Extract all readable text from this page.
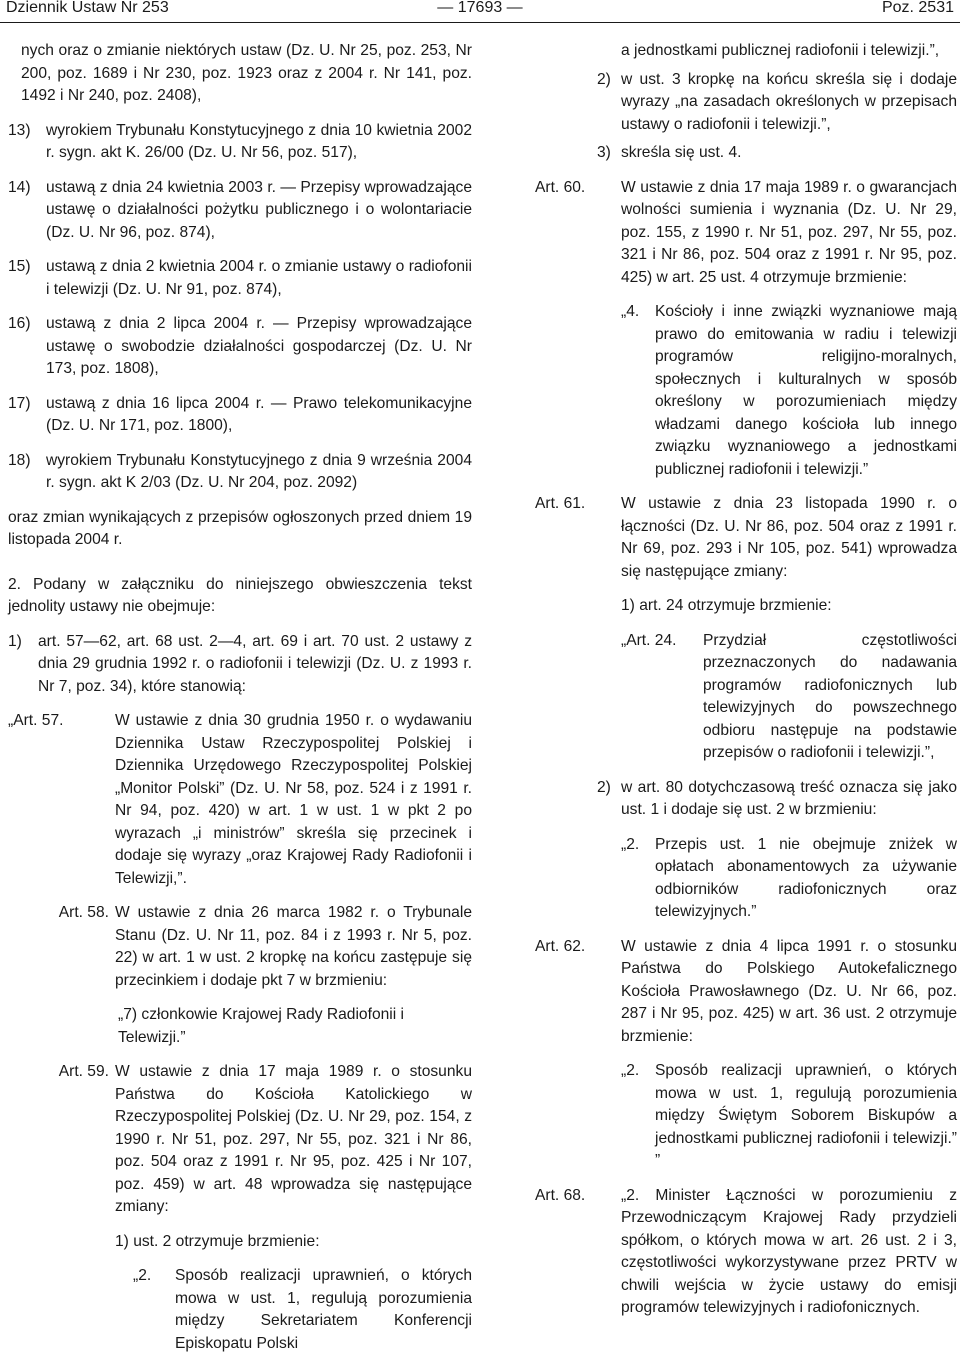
Dziennik Ustaw Nr 253	— 17693 —	Poz. 2531

nych oraz o zmianie niektórych ustaw (Dz. U. Nr 25, poz. 253, Nr 200, poz. 1689 i Nr 230, poz. 1923 oraz z 2004 r. Nr 141, poz. 1492 i Nr 240, poz. 2408),

13) wyrokiem Trybunału Konstytucyjnego z dnia 10 kwietnia 2002 r. sygn. akt K. 26/00 (Dz. U. Nr 56, poz. 517),
14) ustawą z dnia 24 kwietnia 2003 r. — Przepisy wprowadzające ustawę o działalności pożytku publicznego i o wolontariacie (Dz. U. Nr 96, poz. 874),
15) ustawą z dnia 2 kwietnia 2004 r. o zmianie ustawy o radiofonii i telewizji (Dz. U. Nr 91, poz. 874),
16) ustawą z dnia 2 lipca 2004 r. — Przepisy wprowadzające ustawę o swobodzie działalności gospodarczej (Dz. U. Nr 173, poz. 1808),
17) ustawą z dnia 16 lipca 2004 r. — Prawo telekomunikacyjne (Dz. U. Nr 171, poz. 1800),
18) wyrokiem Trybunału Konstytucyjnego z dnia 9 września 2004 r. sygn. akt K 2/03 (Dz. U. Nr 204, poz. 2092)

oraz zmian wynikających z przepisów ogłoszonych przed dniem 19 listopada 2004 r.

2. Podany w załączniku do niniejszego obwieszczenia tekst jednolity ustawy nie obejmuje:

1)	art. 57—62, art. 68 ust. 2—4, art. 69 i art. 70 ust. 2 ustawy z dnia 29 grudnia 1992 r. o radiofonii i telewizji (Dz. U. z 1993 r. Nr 7, poz. 34), które stanowią:
„Art. 57.	W ustawie z dnia 30 grudnia 1950 r. o wydawaniu Dziennika Ustaw Rzeczypospolitej Polskiej i Dziennika Urzędowego Rzeczypospolitej Polskiej „Monitor Polski” (Dz. U. Nr 58, poz. 524 i z 1991 r. Nr 94, poz. 420) w art. 1 w ust. 1 w pkt 2 po wyrazach „i ministrów” skreśla się przecinek i dodaje się wyrazy „oraz Krajowej Rady Radiofonii i Telewizji,”.
Art. 58. W ustawie z dnia 26 marca 1982 r. o Trybunale Stanu (Dz. U. Nr 11, poz. 84 i z 1993 r. Nr 5, poz. 22) w art. 1 w ust. 2 kropkę na końcu zastępuje się przecinkiem i dodaje pkt 7 w brzmieniu:

„7) członkowie Krajowej Rady Radiofonii i Telewizji.”

Art. 59. W ustawie z dnia 17 maja 1989 r. o stosunku Państwa do Kościoła Katolickiego w Rzeczypospolitej Polskiej (Dz. U. Nr 29, poz. 154, z 1990 r. Nr 51, poz. 297, Nr 55, poz. 321 i Nr 86, poz. 504 oraz z 1991 r. Nr 95, poz. 425 i Nr 107, poz. 459) w art. 48 wprowadza się następujące zmiany:

1) ust. 2 otrzymuje brzmienie:

„2.	Sposób realizacji uprawnień, o których mowa w ust. 1, regulują porozumienia między Sekretariatem Konferencji Episkopatu Polski

a jednostkami publicznej radiofonii i telewizji.”,

2) w ust. 3 kropkę na końcu skreśla się i dodaje wyrazy „na zasadach określonych w przepisach ustawy o radiofonii i telewizji.”,
3) skreśla się ust. 4.
Art. 60.	W ustawie z dnia 17 maja 1989 r. o gwarancjach wolności sumienia i wyznania (Dz. U. Nr 29, poz. 155, z 1990 r. Nr 51, poz. 297, Nr 55, poz. 321 i Nr 86, poz. 504 oraz z 1991 r. Nr 95, poz. 425) w art. 25 ust. 4 otrzymuje brzmienie:
„4.	Kościoły i inne związki wyznaniowe mają prawo do emitowania w radiu i telewizji programów religijno-moralnych, społecznych i kulturalnych w sposób określony w porozumieniach między władzami danego kościoła lub innego związku wyznaniowego a jednostkami publicznej radiofonii i telewizji.”
Art. 61.	W ustawie z dnia 23 listopada 1990 r. o łączności (Dz. U. Nr 86, poz. 504 oraz z 1991 r. Nr 69, poz. 293 i Nr 105, poz. 541) wprowadza się następujące zmiany:

1) art. 24 otrzymuje brzmienie:

„Art. 24.	Przydział częstotliwości przeznaczonych do nadawania programów radiofonicznych lub telewizyjnych do powszechnego odbioru następuje na podstawie przepisów o radiofonii i telewizji.”,
2) w art. 80 dotychczasową treść oznacza się jako ust. 1 i dodaje się ust. 2 w brzmieniu:
„2.	Przepis ust. 1 nie obejmuje zniżek w opłatach abonamentowych za używanie odbiorników radiofonicznych oraz telewizyjnych.”
Art. 62.	W ustawie z dnia 4 lipca 1991 r. o stosunku Państwa do Polskiego Autokefalicznego Kościoła Prawosławnego (Dz. U. Nr 66, poz. 287 i Nr 95, poz. 425) w art. 36 ust. 2 otrzymuje brzmienie:
„2.	Sposób realizacji uprawnień, o których mowa w ust. 1, regulują porozumienia między Świętym Soborem Biskupów a jednostkami publicznej radiofonii i telewizji.” ”
Art. 68.	„2. Minister Łączności w porozumieniu z Przewodniczącym Krajowej Rady przydzieli spółkom, o których mowa w art. 26 ust. 2 i 3, częstotliwości wykorzystywane przez PRTV w chwili wejścia w życie ustawy do emisji programów telewizyjnych i radiofonicznych.
